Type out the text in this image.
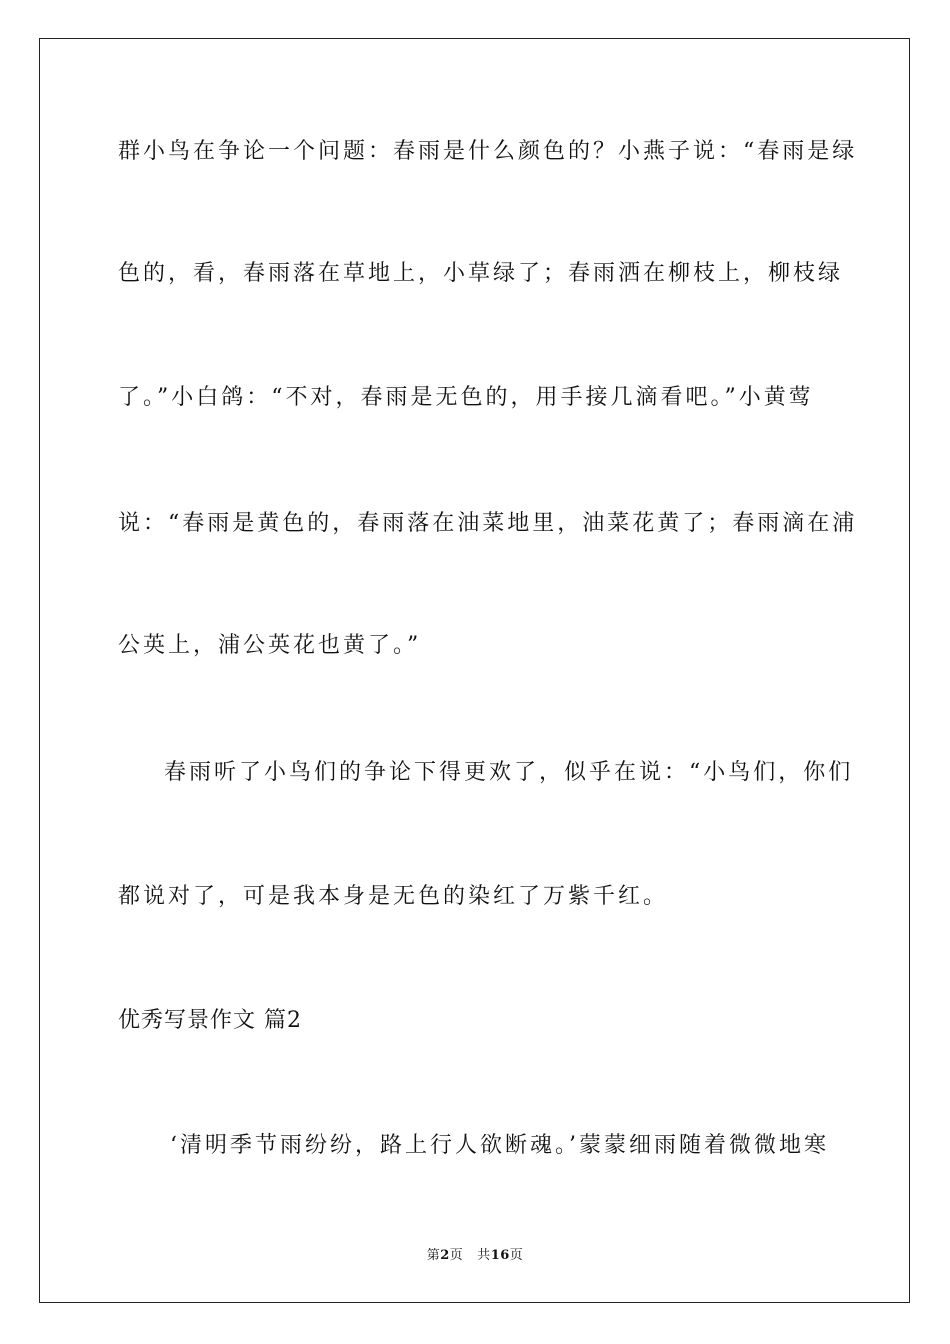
群小鸟在争论一个问题：春雨是什么颜色的？小燕子说：“春雨是绿
色的，看，春雨落在草地上，小草绿了；春雨洒在柳枝上，柳枝绿
了。”小白鸽：“不对，春雨是无色的，用手接几滴看吧。”小黄莺
说：“春雨是黄色的，春雨落在油菜地里，油菜花黄了；春雨滴在浦
公英上，浦公英花也黄了。”
春雨听了小鸟们的争论下得更欢了，似乎在说：“小鸟们，你们
都说对了，可是我本身是无色的染红了万紫千红。
优秀写景作文 篇2
‘清明季节雨纷纷，路上行人欲断魂。’蒙蒙细雨随着微微地寒
第2页 共16页
